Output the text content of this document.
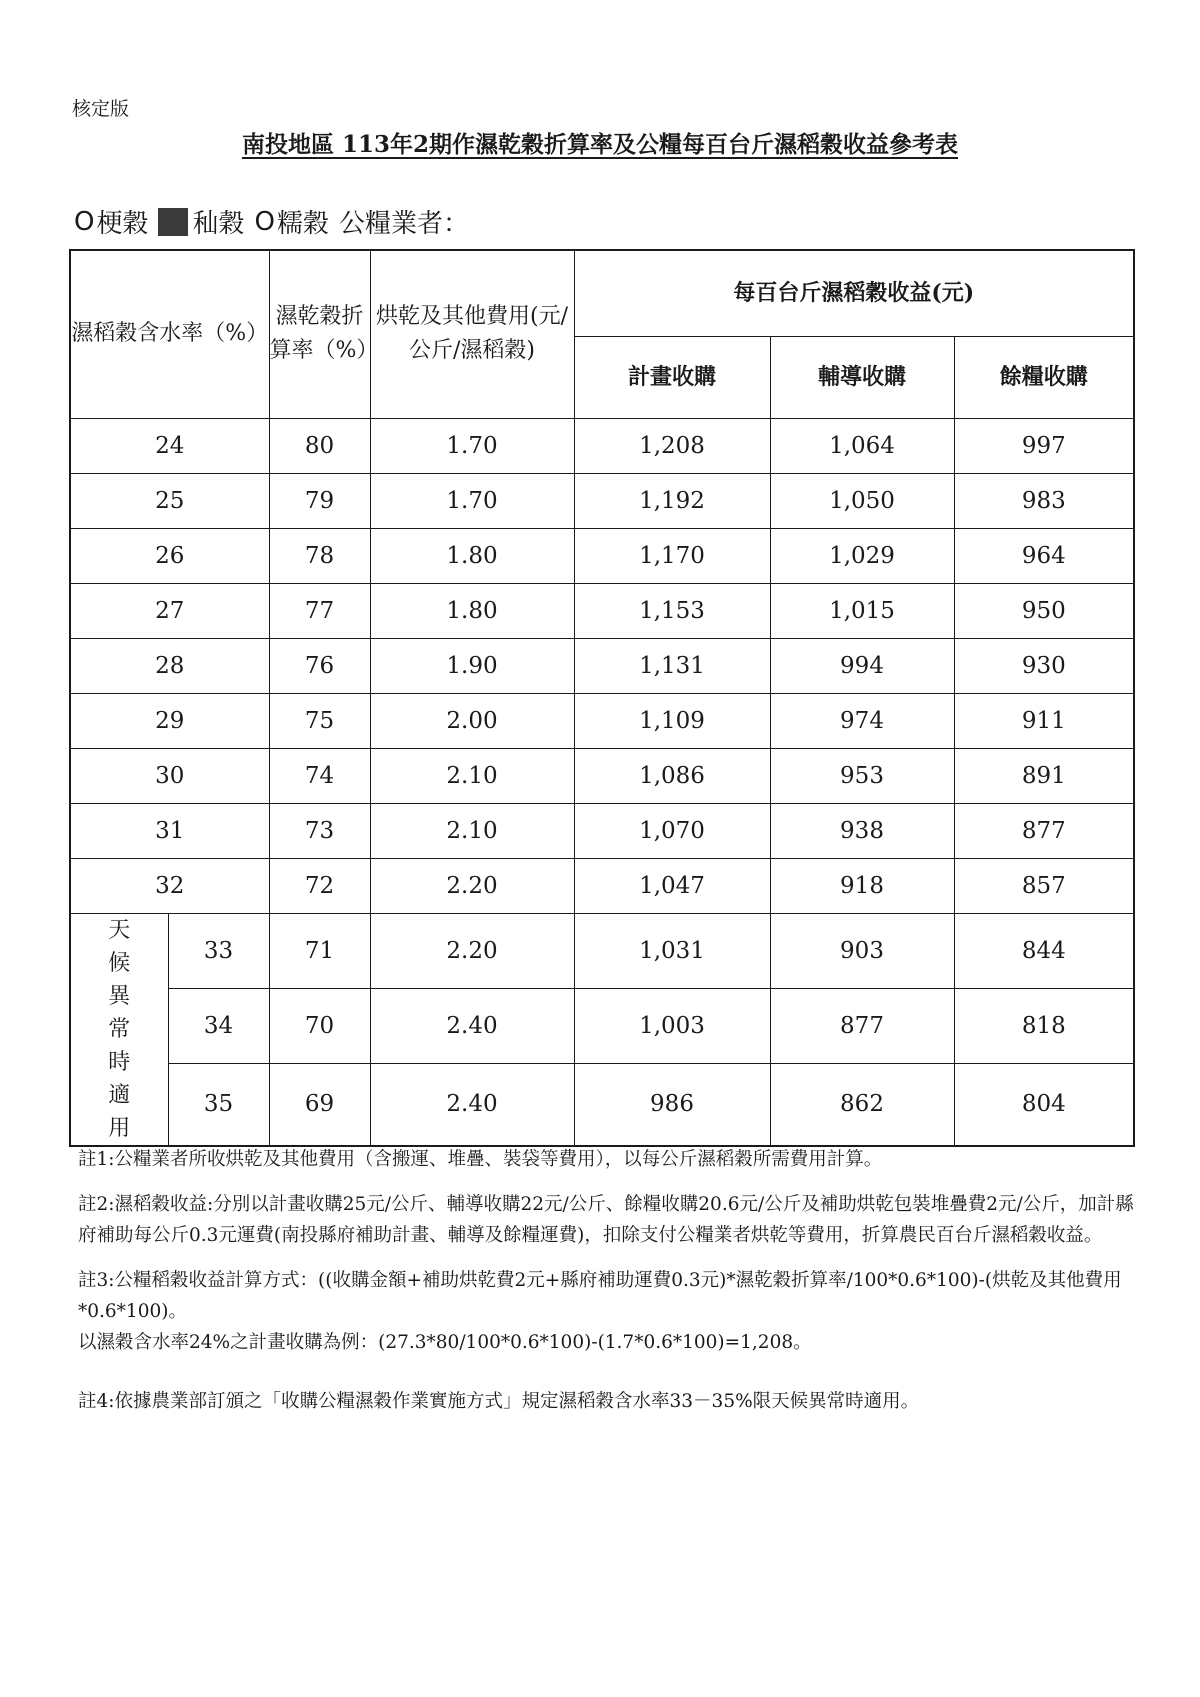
核定版
南投地區 113年2期作濕乾穀折算率及公糧每百台斤濕稻穀收益參考表
O 梗穀 秈穀 O 糯穀 公糧業者：
濕稻穀含水率（%）		濕乾穀折算率（%）	烘乾及其他費用(元/公斤/濕稻穀)	每百台斤濕稻穀收益(元)		
				計畫收購	輔導收購	餘糧收購
24		80	1.70	1,208	1,064	997
25		79	1.70	1,192	1,050	983
26		78	1.80	1,170	1,029	964
27		77	1.80	1,153	1,015	950
28		76	1.90	1,131	994	930
29		75	2.00	1,109	974	911
30		74	2.10	1,086	953	891
31		73	2.10	1,070	938	877
32		72	2.20	1,047	918	857

天候異常時適用	33	71	2.20	1,031	903	844
	34	70	2.40	1,003	877	818
	35	69	2.40	986	862	804

註1:公糧業者所收烘乾及其他費用（含搬運、堆疊、裝袋等費用），以每公斤濕稻穀所需費用計算。

註2:濕稻穀收益:分別以計畫收購25元/公斤、輔導收購22元/公斤、餘糧收購20.6元/公斤及補助烘乾包裝堆疊費2元/公斤，加計縣府補助每公斤0.3元運費(南投縣府補助計畫、輔導及餘糧運費)，扣除支付公糧業者烘乾等費用，折算農民百台斤濕稻穀收益。

註3:公糧稻穀收益計算方式：((收購金額+補助烘乾費2元+縣府補助運費0.3元)*濕乾穀折算率/100*0.6*100)-(烘乾及其他費用*0.6*100)。

以濕穀含水率24%之計畫收購為例：(27.3*80/100*0.6*100)-(1.7*0.6*100)=1,208。

註4:依據農業部訂頒之「收購公糧濕穀作業實施方式」規定濕稻穀含水率33－35%限天候異常時適用。
